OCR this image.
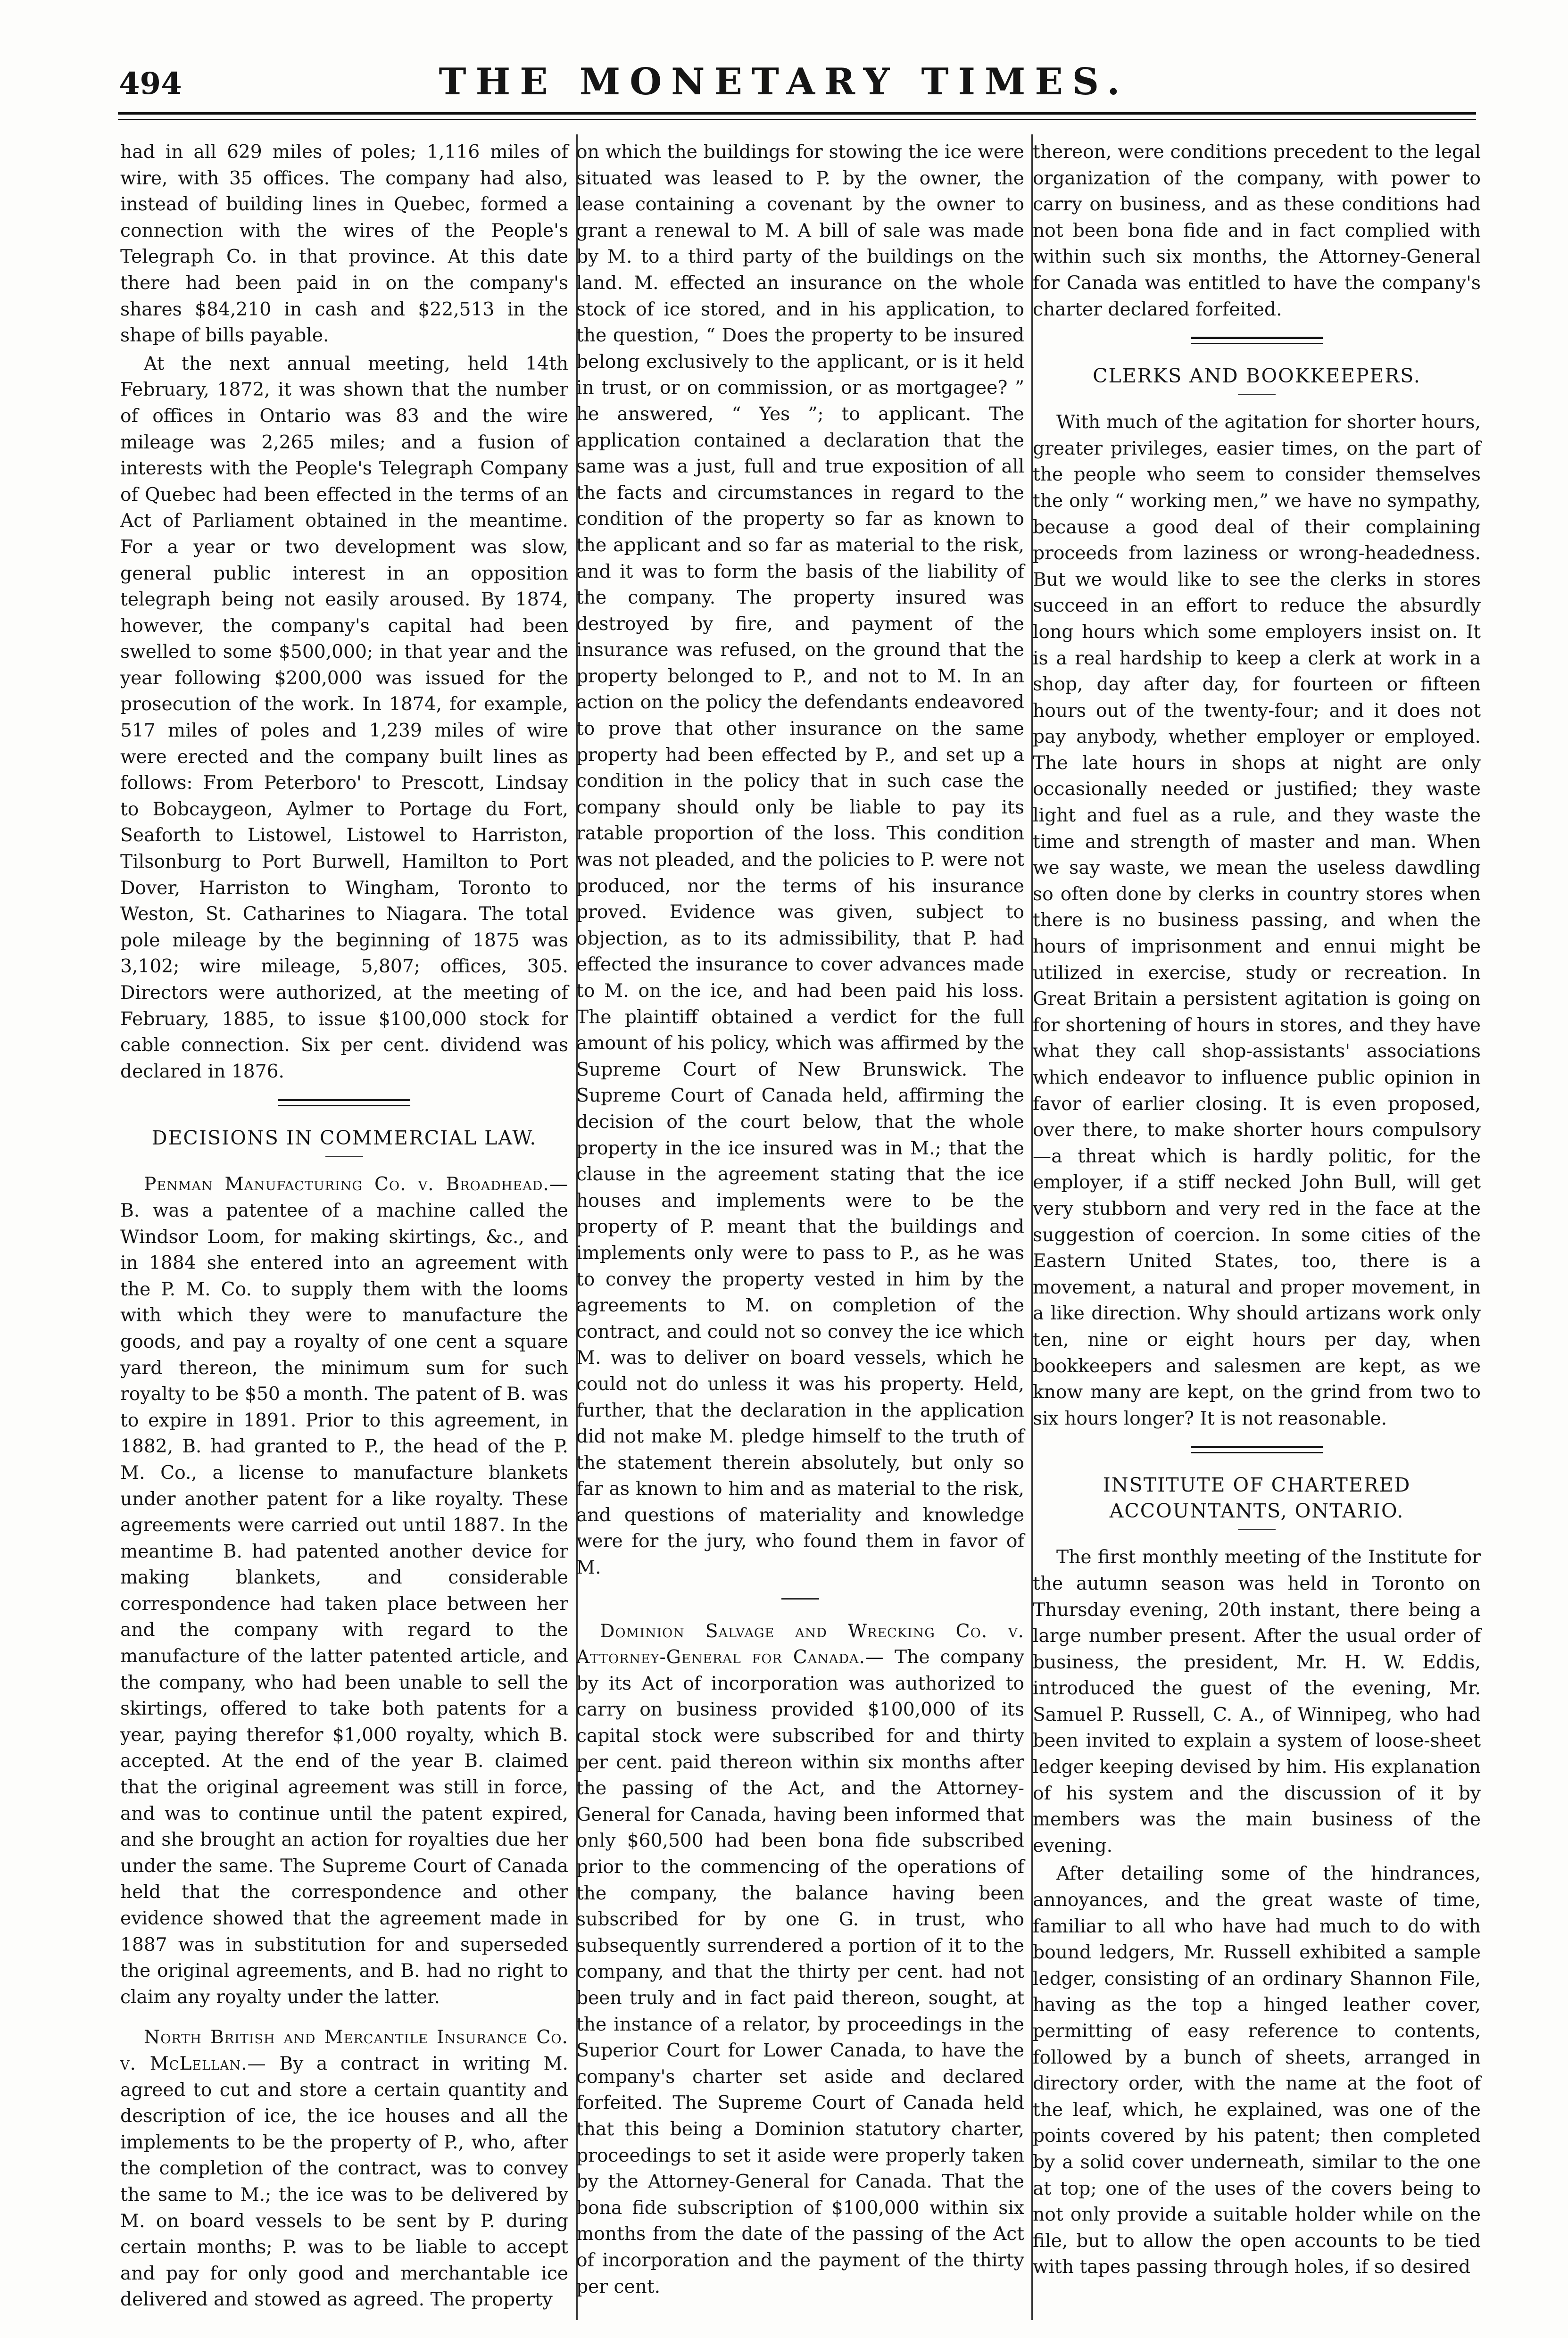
494	THE MONETARY TIMES.

had in all 629 miles of poles; 1,116 miles of wire, with 35 offices. The company had also, instead of building lines in Quebec, formed a connection with the wires of the People's Telegraph Co. in that province. At this date there had been paid in on the company's shares $84,210 in cash and $22,513 in the shape of bills payable.

At the next annual meeting, held 14th February, 1872, it was shown that the number of offices in Ontario was 83 and the wire mileage was 2,265 miles; and a fusion of interests with the People's Telegraph Company of Quebec had been effected in the terms of an Act of Parliament obtained in the meantime. For a year or two development was slow, general public interest in an opposition telegraph being not easily aroused. By 1874, however, the company's capital had been swelled to some $500,000; in that year and the year following $200,000 was issued for the prosecution of the work. In 1874, for example, 517 miles of poles and 1,239 miles of wire were erected and the company built lines as follows: From Peterboro' to Prescott, Lindsay to Bobcaygeon, Aylmer to Portage du Fort, Seaforth to Listowel, Listowel to Harriston, Tilsonburg to Port Burwell, Hamilton to Port Dover, Harriston to Wingham, Toronto to Weston, St. Catharines to Niagara. The total pole mileage by the beginning of 1875 was 3,102; wire mileage, 5,807; offices, 305. Directors were authorized, at the meeting of February, 1885, to issue $100,000 stock for cable connection. Six per cent. dividend was declared in 1876.

DECISIONS IN COMMERCIAL LAW.

Penman Manufacturing Co. v. Broadhead.— B. was a patentee of a machine called the Windsor Loom, for making skirtings, &c., and in 1884 she entered into an agreement with the P. M. Co. to supply them with the looms with which they were to manufacture the goods, and pay a royalty of one cent a square yard thereon, the minimum sum for such royalty to be $50 a month. The patent of B. was to expire in 1891. Prior to this agreement, in 1882, B. had granted to P., the head of the P. M. Co., a license to manufacture blankets under another patent for a like royalty. These agreements were carried out until 1887. In the meantime B. had patented another device for making blankets, and considerable correspondence had taken place between her and the company with regard to the manufacture of the latter patented article, and the company, who had been unable to sell the skirtings, offered to take both patents for a year, paying therefor $1,000 royalty, which B. accepted. At the end of the year B. claimed that the original agreement was still in force, and was to continue until the patent expired, and she brought an action for royalties due her under the same. The Supreme Court of Canada held that the correspondence and other evidence showed that the agreement made in 1887 was in substitution for and superseded the original agreements, and B. had no right to claim any royalty under the latter.

North British and Mercantile Insurance Co. v. McLellan.— By a contract in writing M. agreed to cut and store a certain quantity and description of ice, the ice houses and all the implements to be the property of P., who, after the completion of the contract, was to convey the same to M.; the ice was to be delivered by M. on board vessels to be sent by P. during certain months; P. was to be liable to accept and pay for only good and merchantable ice delivered and stowed as agreed. The property

on which the buildings for stowing the ice were situated was leased to P. by the owner, the lease containing a covenant by the owner to grant a renewal to M. A bill of sale was made by M. to a third party of the buildings on the land. M. effected an insurance on the whole stock of ice stored, and in his application, to the question, “ Does the property to be insured belong exclusively to the applicant, or is it held in trust, or on commission, or as mortgagee? ” he answered, “ Yes ”; to applicant. The application contained a declaration that the same was a just, full and true exposition of all the facts and circumstances in regard to the condition of the property so far as known to the applicant and so far as material to the risk, and it was to form the basis of the liability of the company. The property insured was destroyed by fire, and payment of the insurance was refused, on the ground that the property belonged to P., and not to M. In an action on the policy the defendants endeavored to prove that other insurance on the same property had been effected by P., and set up a condition in the policy that in such case the company should only be liable to pay its ratable proportion of the loss. This condition was not pleaded, and the policies to P. were not produced, nor the terms of his insurance proved. Evidence was given, subject to objection, as to its admissibility, that P. had effected the insurance to cover advances made to M. on the ice, and had been paid his loss. The plaintiff obtained a verdict for the full amount of his policy, which was affirmed by the Supreme Court of New Brunswick. The Supreme Court of Canada held, affirming the decision of the court below, that the whole property in the ice insured was in M.; that the clause in the agreement stating that the ice houses and implements were to be the property of P. meant that the buildings and implements only were to pass to P., as he was to convey the property vested in him by the agreements to M. on completion of the contract, and could not so convey the ice which M. was to deliver on board vessels, which he could not do unless it was his property. Held, further, that the declaration in the application did not make M. pledge himself to the truth of the statement therein absolutely, but only so far as known to him and as material to the risk, and questions of materiality and knowledge were for the jury, who found them in favor of M.

Dominion Salvage and Wrecking Co. v. Attorney-General for Canada.— The company by its Act of incorporation was authorized to carry on business provided $100,000 of its capital stock were subscribed for and thirty per cent. paid thereon within six months after the passing of the Act, and the Attorney-General for Canada, having been informed that only $60,500 had been bona fide subscribed prior to the commencing of the operations of the company, the balance having been subscribed for by one G. in trust, who subsequently surrendered a portion of it to the company, and that the thirty per cent. had not been truly and in fact paid thereon, sought, at the instance of a relator, by proceedings in the Superior Court for Lower Canada, to have the company's charter set aside and declared forfeited. The Supreme Court of Canada held that this being a Dominion statutory charter, proceedings to set it aside were properly taken by the Attorney-General for Canada. That the bona fide subscription of $100,000 within six months from the date of the passing of the Act of incorporation and the payment of the thirty per cent.

thereon, were conditions precedent to the legal organization of the company, with power to carry on business, and as these conditions had not been bona fide and in fact complied with within such six months, the Attorney-General for Canada was entitled to have the company's charter declared forfeited.

CLERKS AND BOOKKEEPERS.

With much of the agitation for shorter hours, greater privileges, easier times, on the part of the people who seem to consider themselves the only “ working men,” we have no sympathy, because a good deal of their complaining proceeds from laziness or wrong-headedness. But we would like to see the clerks in stores succeed in an effort to reduce the absurdly long hours which some employers insist on. It is a real hardship to keep a clerk at work in a shop, day after day, for fourteen or fifteen hours out of the twenty-four; and it does not pay anybody, whether employer or employed. The late hours in shops at night are only occasionally needed or justified; they waste light and fuel as a rule, and they waste the time and strength of master and man. When we say waste, we mean the useless dawdling so often done by clerks in country stores when there is no business passing, and when the hours of imprisonment and ennui might be utilized in exercise, study or recreation. In Great Britain a persistent agitation is going on for shortening of hours in stores, and they have what they call shop-assistants' associations which endeavor to influence public opinion in favor of earlier closing. It is even proposed, over there, to make shorter hours compulsory—a threat which is hardly politic, for the employer, if a stiff necked John Bull, will get very stubborn and very red in the face at the suggestion of coercion. In some cities of the Eastern United States, too, there is a movement, a natural and proper movement, in a like direction. Why should artizans work only ten, nine or eight hours per day, when bookkeepers and salesmen are kept, as we know many are kept, on the grind from two to six hours longer? It is not reasonable.

INSTITUTE OF CHARTERED ACCOUNTANTS, ONTARIO.

The first monthly meeting of the Institute for the autumn season was held in Toronto on Thursday evening, 20th instant, there being a large number present. After the usual order of business, the president, Mr. H. W. Eddis, introduced the guest of the evening, Mr. Samuel P. Russell, C. A., of Winnipeg, who had been invited to explain a system of loose-sheet ledger keeping devised by him. His explanation of his system and the discussion of it by members was the main business of the evening.

After detailing some of the hindrances, annoyances, and the great waste of time, familiar to all who have had much to do with bound ledgers, Mr. Russell exhibited a sample ledger, consisting of an ordinary Shannon File, having as the top a hinged leather cover, permitting of easy reference to contents, followed by a bunch of sheets, arranged in directory order, with the name at the foot of the leaf, which, he explained, was one of the points covered by his patent; then completed by a solid cover underneath, similar to the one at top; one of the uses of the covers being to not only provide a suitable holder while on the file, but to allow the open accounts to be tied with tapes passing through holes, if so desired
